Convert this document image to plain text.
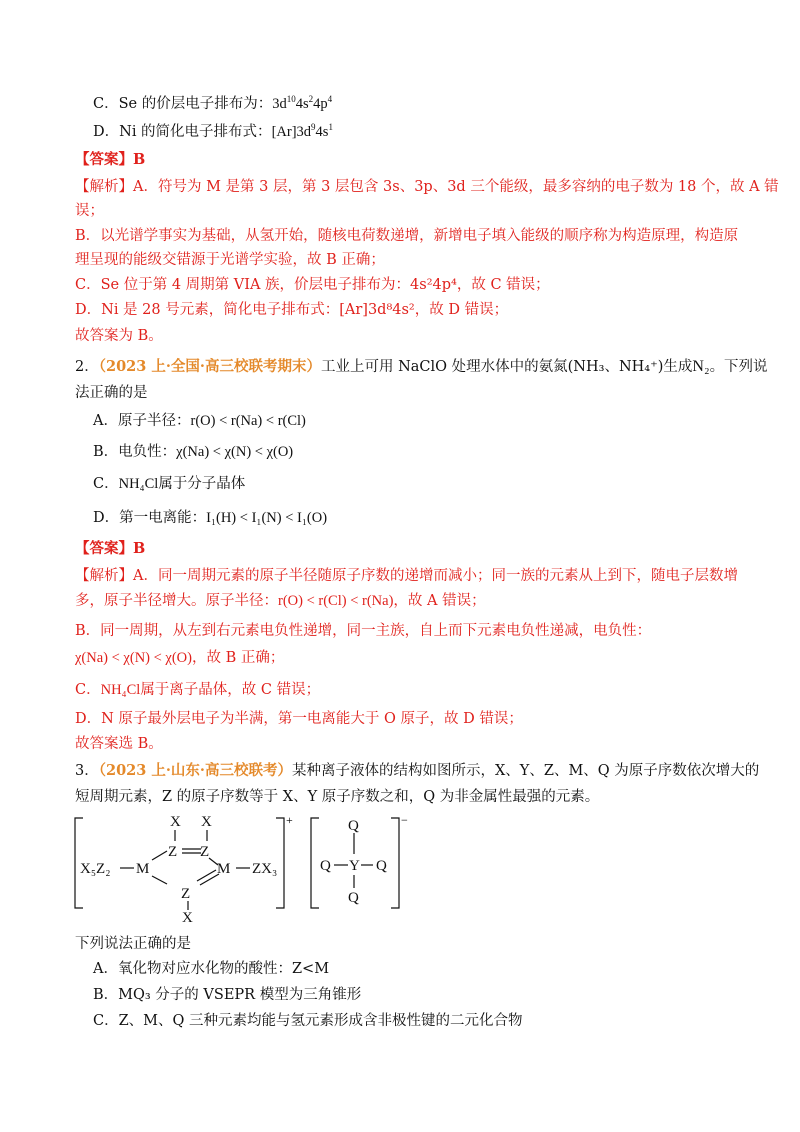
C．Se 的价层电子排布为：$3d^{10}4s^24p^4$
D．Ni 的简化电子排布式：$[Ar]3d^94s^1$
【答案】B
【解析】A．符号为 M 是第 3 层，第 3 层包含 3s、3p、3d 三个能级，最多容纳的电子数为 18 个，故 A 错
误；
B．以光谱学事实为基础，从氢开始，随核电荷数递增，新增电子填入能级的顺序称为构造原理，构造原
理呈现的能级交错源于光谱学实验，故 B 正确；
C．Se 位于第 4 周期第 VIA 族，价层电子排布为：4s²4p⁴，故 C 错误；
D．Ni 是 28 号元素，简化电子排布式：[Ar]3d⁸4s²，故 D 错误；
故答案为 B。
2．（2023 上·全国·高三校联考期末）工业上可用 NaClO 处理水体中的氨氮(NH₃、NH₄⁺)生成N₂。下列说
法正确的是
A．原子半径：r(O) < r(Na) < r(Cl)
B．电负性：χ(Na) < χ(N) < χ(O)
C．NH₄Cl属于分子晶体
D．第一电离能：I₁(H) < I₁(N) < I₁(O)
【答案】B
【解析】A．同一周期元素的原子半径随原子序数的递增而减小；同一族的元素从上到下，随电子层数增
多，原子半径增大。原子半径：r(O) < r(Cl) < r(Na)，故 A 错误；
B．同一周期，从左到右元素电负性递增，同一主族，自上而下元素电负性递减，电负性：
χ(Na) < χ(N) < χ(O)，故 B 正确；
C．NH₄Cl属于离子晶体，故 C 错误；
D．N 原子最外层电子为半满，第一电离能大于 O 原子，故 D 错误；
故答案选 B。
3．（2023 上·山东·高三校联考）某种离子液体的结构如图所示，X、Y、Z、M、Q 为原子序数依次增大的
短周期元素，Z 的原子序数等于 X、Y 原子序数之和，Q 为非金属性最强的元素。
X₅Z₂ M
X X
Z Z
M ZX₃
Z
X
Q
Q Y Q
Q
+	−
下列说法正确的是
A．氧化物对应水化物的酸性：Z<M
B．MQ₃ 分子的 VSEPR 模型为三角锥形
C．Z、M、Q 三种元素均能与氢元素形成含非极性键的二元化合物
